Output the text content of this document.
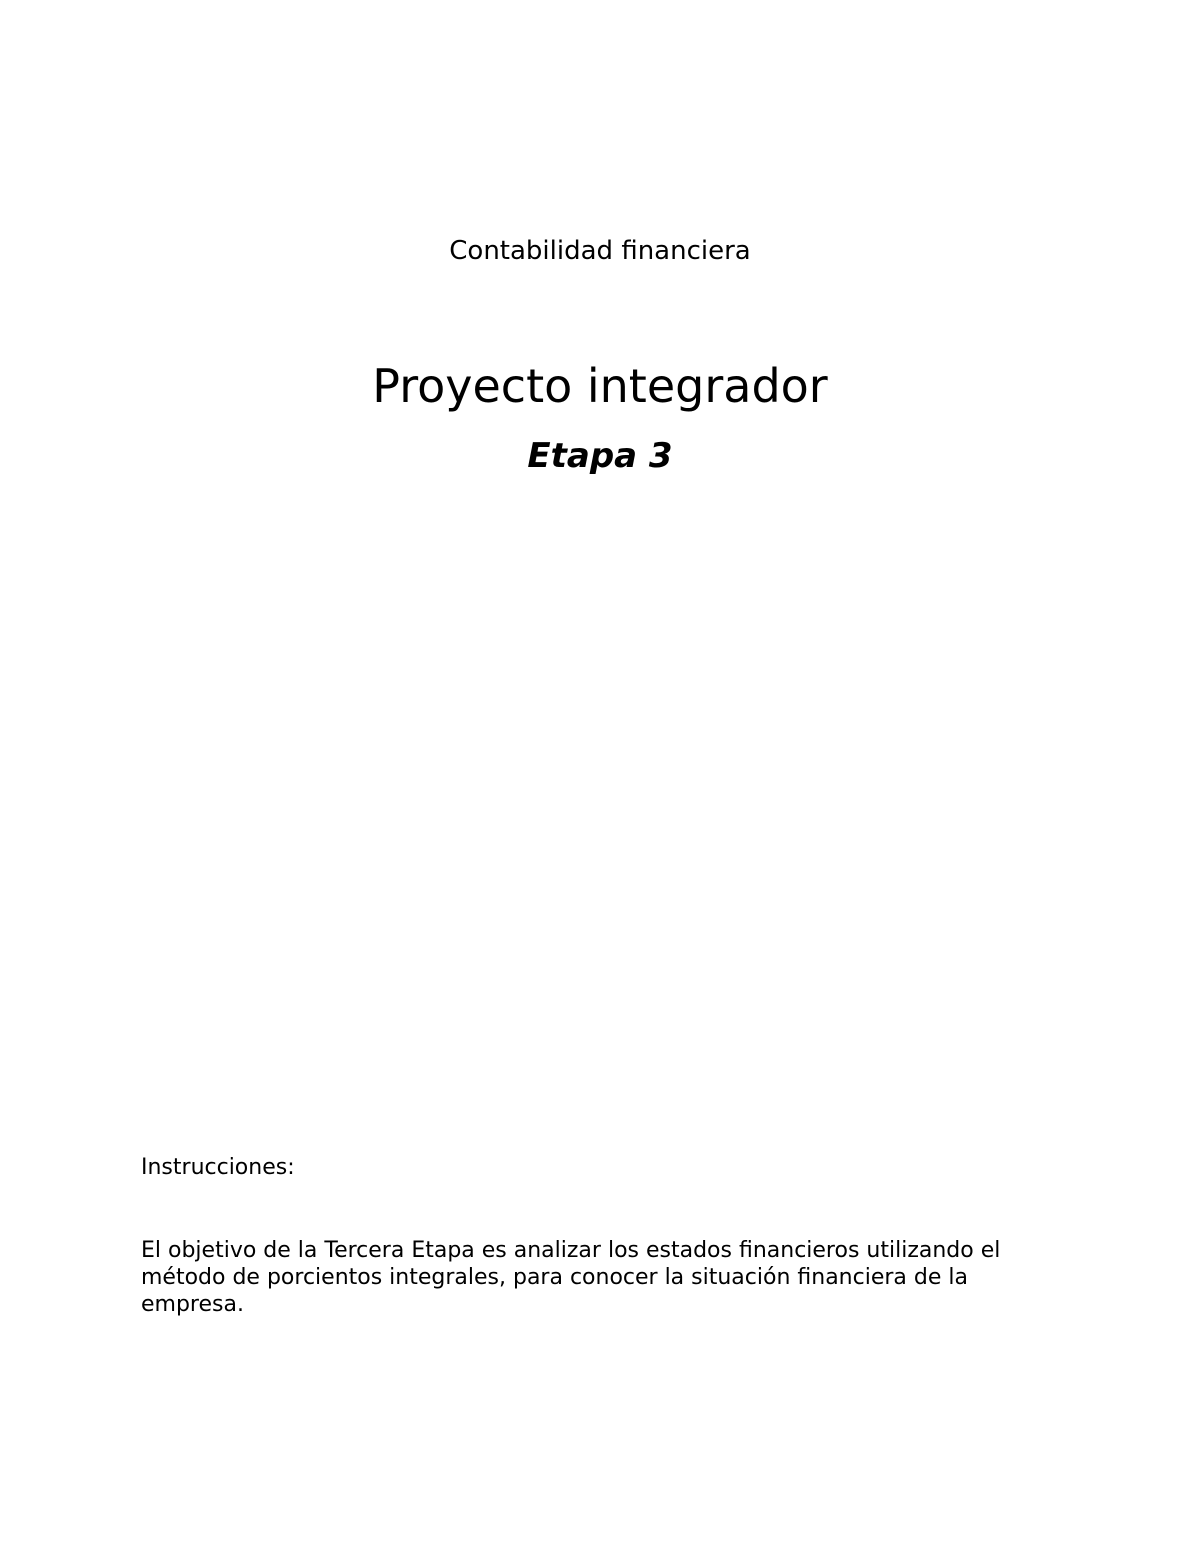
Contabilidad financiera
Proyecto integrador
Etapa 3
Instrucciones:

El objetivo de la Tercera Etapa es analizar los estados financieros utilizando el método de porcientos integrales, para conocer la situación financiera de la empresa.
